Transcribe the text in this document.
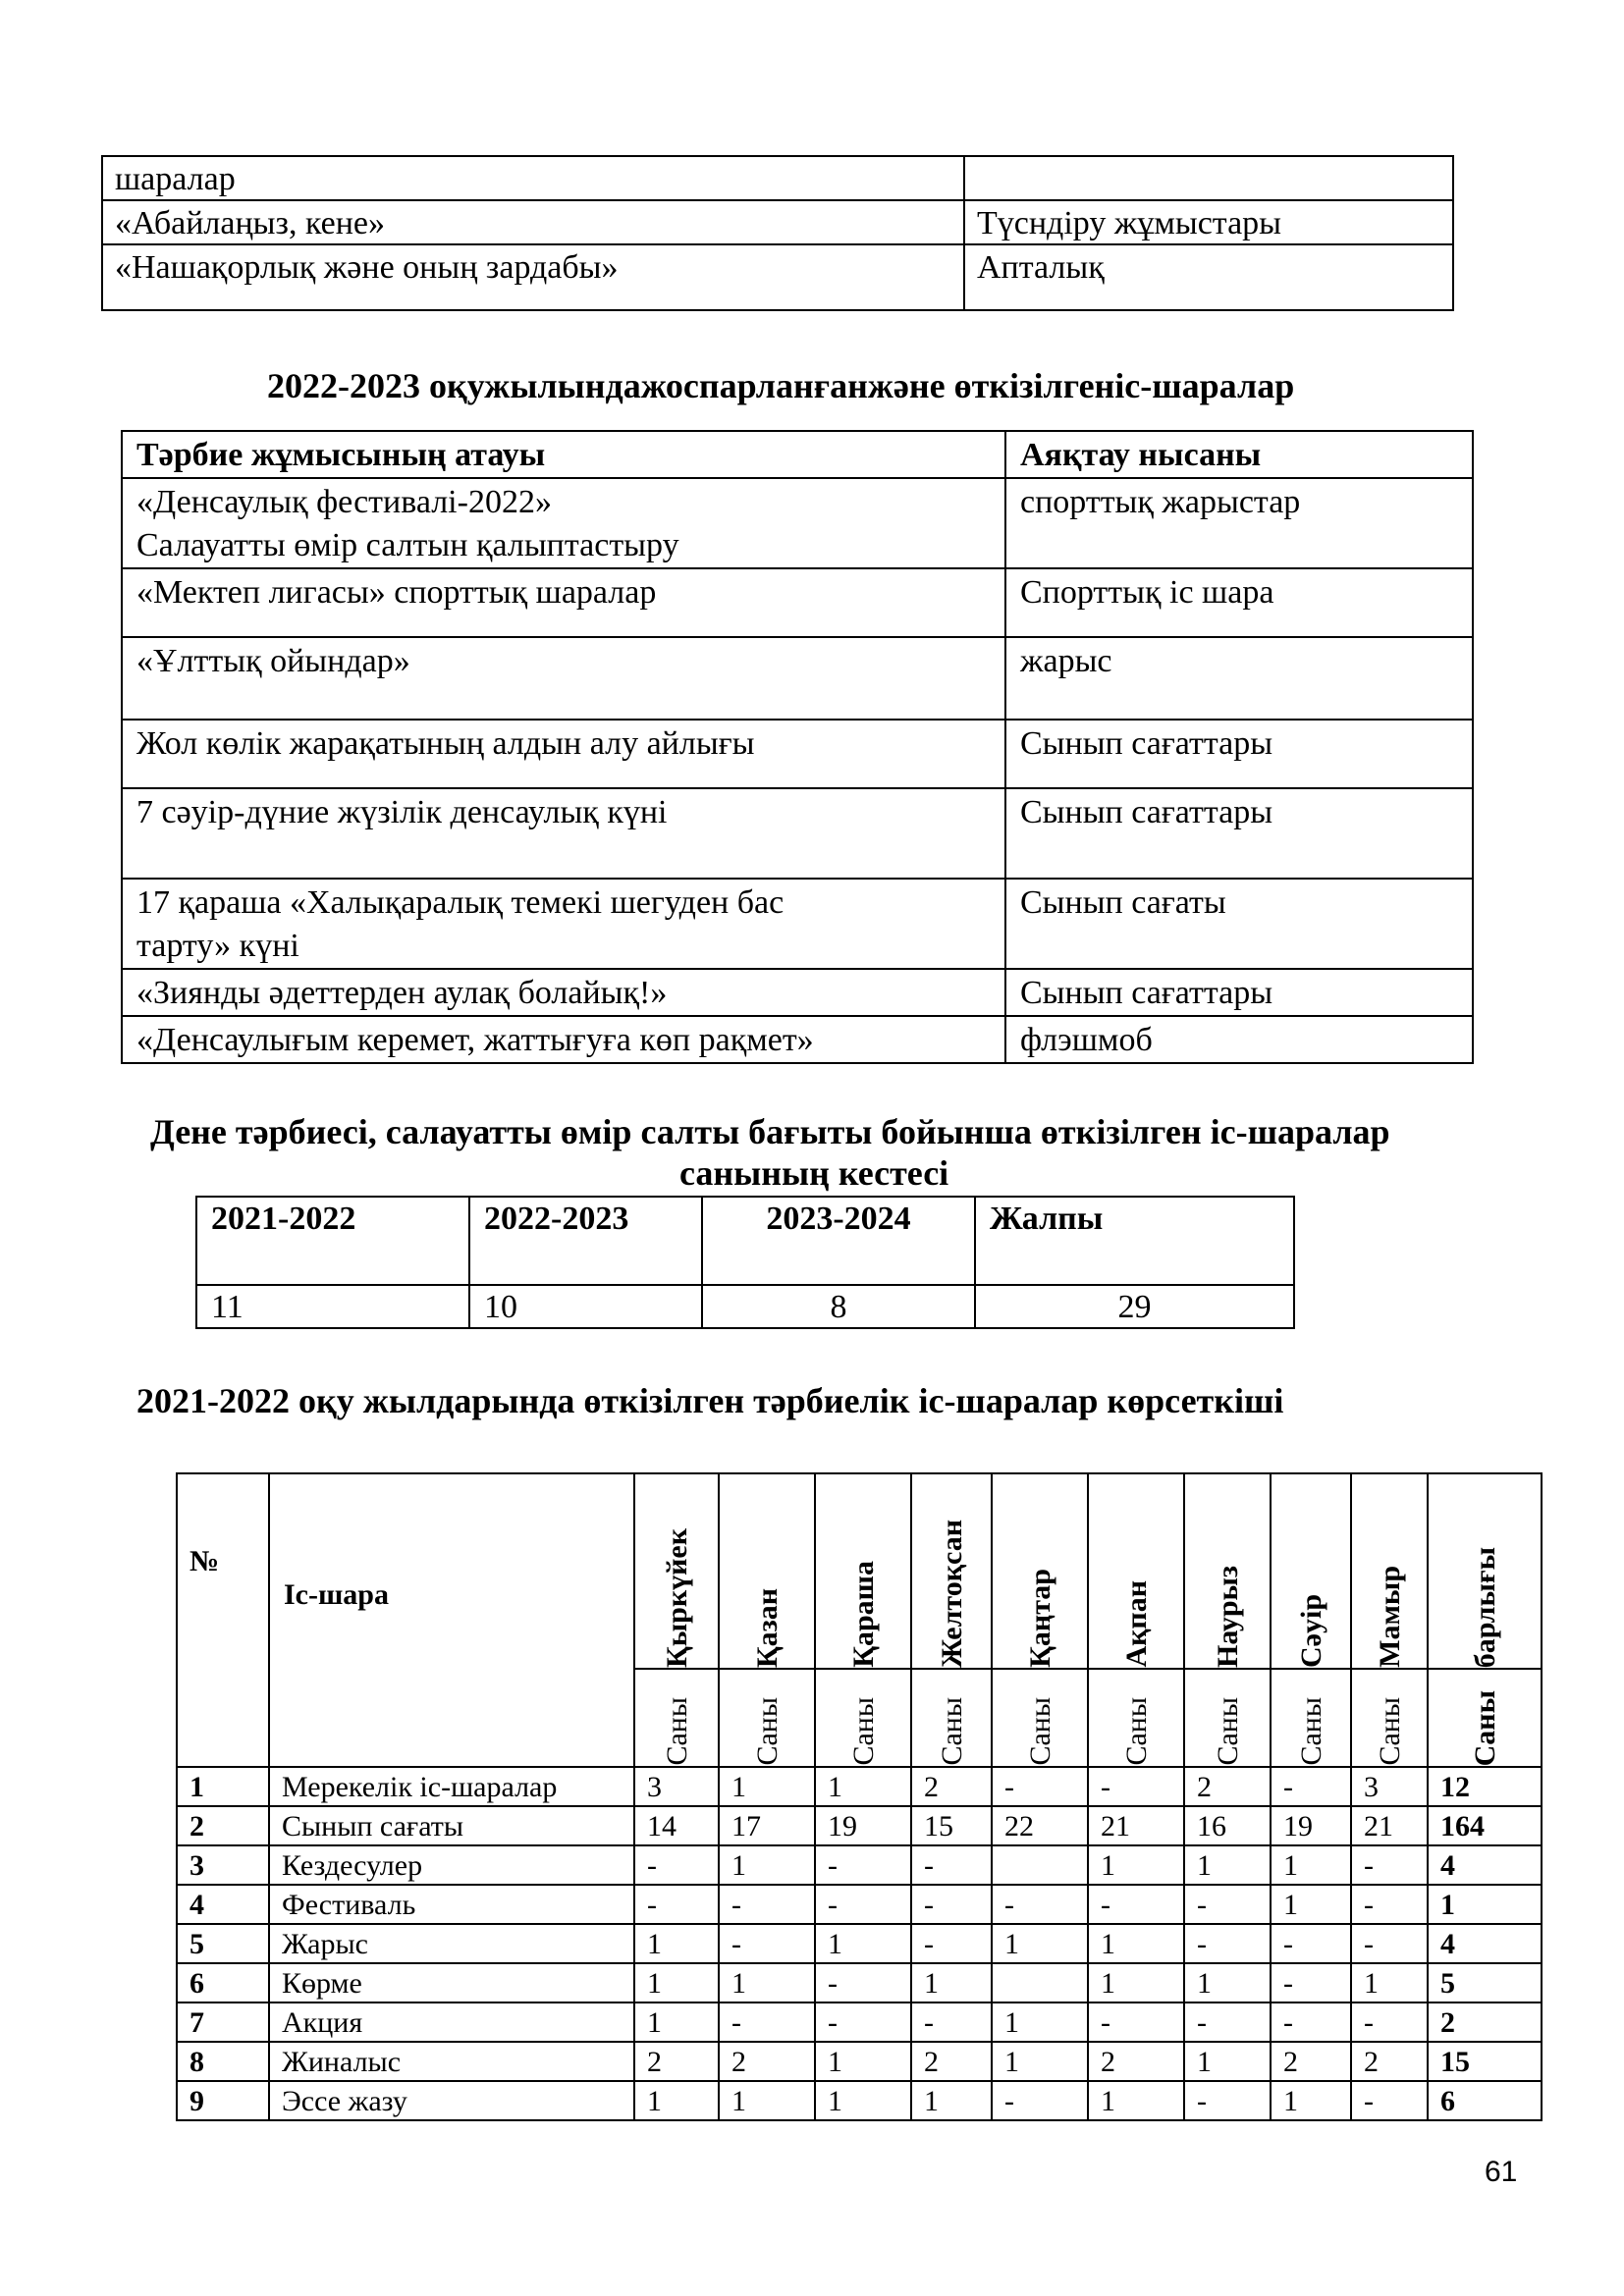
шаралар	
«Абайлаңыз, кене»	Түсндіру жұмыстары
«Нашақорлық және оның зардабы»	Апталық
2022-2023 оқужылындажоспарланғанжәне өткізілгеніс-шаралар
Тәрбие жұмысының атауы	Аяқтау нысаны

«Денсаулық фестивалі-2022»
Салауатты өмір салтын қалыптастыру	спорттық жарыстар
«Мектеп лигасы» спорттық шаралар	Спорттық іс шара
«Ұлттық ойындар»	жарыс
Жол көлік жарақатының алдын алу айлығы	Сынып сағаттары
7 сәуір-дүние жүзілік денсаулық күні	Сынып сағаттары

17 қараша «Халықаралық темекі шегуден бас
тарту» күні	Сынып сағаты
«Зиянды әдеттерден аулақ болайық!»	Сынып сағаттары
«Денсаулығым керемет, жаттығуға көп рақмет»	флэшмоб
Дене тәрбиесі, салауатты өмір салты бағыты бойынша өткізілген іс-шаралар
санының кестесі
2021-2022	2022-2023	2023-2024	Жалпы
11	10	8	29
2021-2022 оқу жылдарында өткізілген тәрбиелік іс-шаралар көрсеткіші
№	Іс-шара	Қыркүйек	Қазан	Қараша	Желтоқсан	Қаңтар	Ақпан	Наурыз	Сәуір	Мамыр	барлығы

		Саны	Саны	Саны	Саны	Саны	Саны	Саны	Саны	Саны	Саны

1	Мерекелік іс-шаралар	3	1	1	2	-	-	2	-	3	12
2	Сынып сағаты	14	17	19	15	22	21	16	19	21	164
3	Кездесулер	-	1	-	-		1	1	1	-	4
4	Фестиваль	-	-	-	-	-	-	-	1	-	1
5	Жарыс	1	-	1	-	1	1	-	-	-	4
6	Көрме	1	1	-	1		1	1	-	1	5
7	Акция	1	-	-	-	1	-	-	-	-	2
8	Жиналыс	2	2	1	2	1	2	1	2	2	15
9	Эссе жазу	1	1	1	1	-	1	-	1	-	6
61
